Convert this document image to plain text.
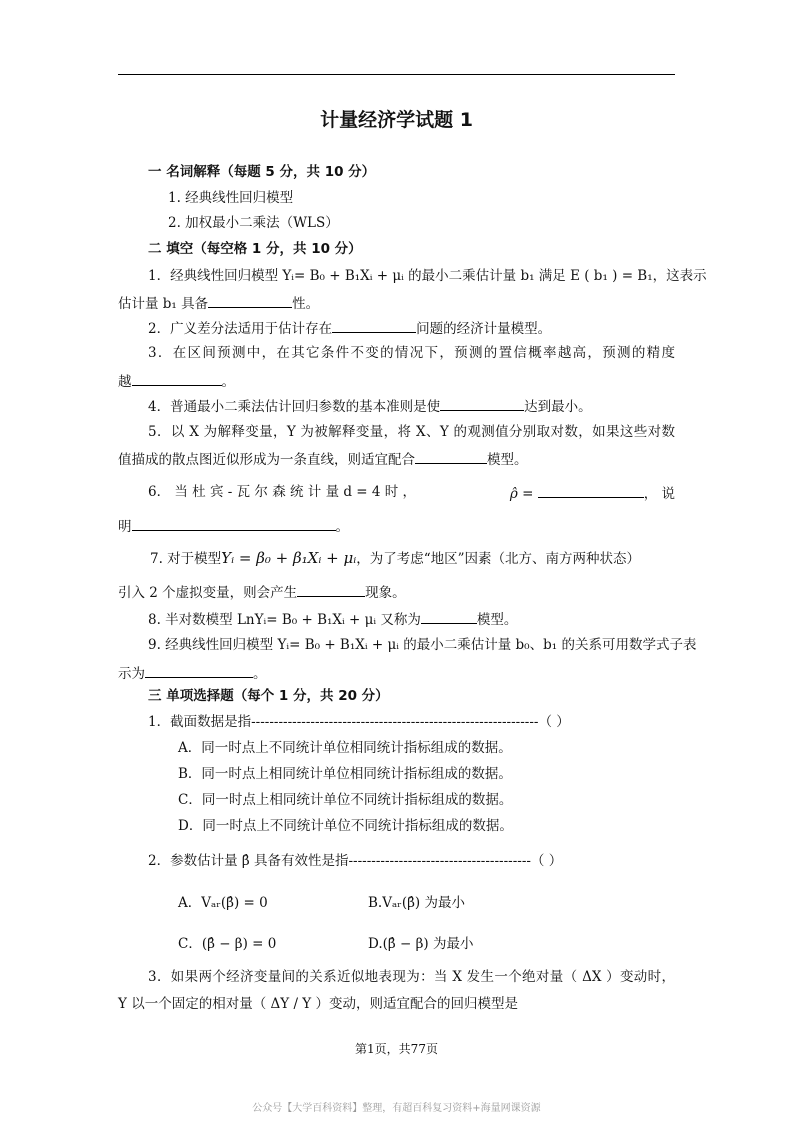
计量经济学试题 1
一 名词解释（每题 5 分，共 10 分）
1. 经典线性回归模型
2. 加权最小二乘法（WLS）
二 填空（每空格 1 分，共 10 分）
1．经典线性回归模型 Yᵢ= B₀ + B₁Xᵢ + μᵢ 的最小二乘估计量 b₁ 满足 E ( b₁ ) = B₁，这表示
估计量 b₁ 具备	性。
2．广义差分法适用于估计存在	问题的经济计量模型。
3．在区间预测中，在其它条件不变的情况下，预测的置信概率越高，预测的精度
越	。
4．普通最小二乘法估计回归参数的基本准则是使	达到最小。
5．以 X 为解释变量，Y 为被解释变量，将 X、Y 的观测值分别取对数，如果这些对数
值描成的散点图近似形成为一条直线，则适宜配合	模型。
6． 当 杜 宾 - 瓦 尔 森 统 计 量 d = 4 时 ，	ρ̂ =	， 说
明	。
7. 对于模型Yᵢ = β₀ + β₁Xᵢ + μᵢ，为了考虑“地区”因素（北方、南方两种状态）
引入 2 个虚拟变量，则会产生	现象。
8. 半对数模型 LnYᵢ= B₀ + B₁Xᵢ + μᵢ 又称为	模型。
9. 经典线性回归模型 Yᵢ= B₀ + B₁Xᵢ + μᵢ 的最小二乘估计量 b₀、b₁ 的关系可用数学式子表
示为	。
三 单项选择题（每个 1 分，共 20 分）
1．截面数据是指---------------------------------------------------------------（ ）
A．同一时点上不同统计单位相同统计指标组成的数据。
B．同一时点上相同统计单位相同统计指标组成的数据。
C．同一时点上相同统计单位不同统计指标组成的数据。
D．同一时点上不同统计单位不同统计指标组成的数据。
2．参数估计量 β̂ 具备有效性是指----------------------------------------（ ）
A．Vₐᵣ(β̂) = 0	B.Vₐᵣ(β̂) 为最小
C．(β̂ − β) = 0	D.(β̂ − β) 为最小
3．如果两个经济变量间的关系近似地表现为：当 X 发生一个绝对量（ ΔX ）变动时，
Y 以一个固定的相对量（ ΔY / Y ）变动，则适宜配合的回归模型是
第1页，共77页
公众号【大学百科资料】整理，有超百科复习资料+海量网课资源
